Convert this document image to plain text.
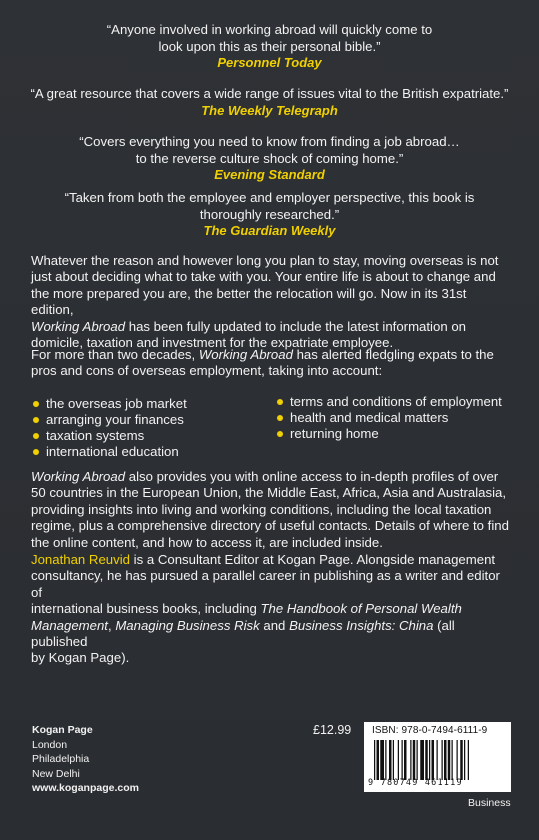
“Anyone involved in working abroad will quickly come to
look upon this as their personal bible.”
Personnel Today
“A great resource that covers a wide range of issues vital to the British expatriate.”
The Weekly Telegraph
“Covers everything you need to know from finding a job abroad…
to the reverse culture shock of coming home.”
Evening Standard
“Taken from both the employee and employer perspective, this book is
thoroughly researched.”
The Guardian Weekly
Whatever the reason and however long you plan to stay, moving overseas is not
just about deciding what to take with you. Your entire life is about to change and
the more prepared you are, the better the relocation will go. Now in its 31st edition,
Working Abroad has been fully updated to include the latest information on
domicile, taxation and investment for the expatriate employee.
For more than two decades, Working Abroad has alerted fledgling expats to the
pros and cons of overseas employment, taking into account:
the overseas job market
arranging your finances
taxation systems
international education
terms and conditions of employment
health and medical matters
returning home
Working Abroad also provides you with online access to in-depth profiles of over
50 countries in the European Union, the Middle East, Africa, Asia and Australasia,
providing insights into living and working conditions, including the local taxation
regime, plus a comprehensive directory of useful contacts. Details of where to find
the online content, and how to access it, are included inside.
Jonathan Reuvid is a Consultant Editor at Kogan Page. Alongside management
consultancy, he has pursued a parallel career in publishing as a writer and editor of
international business books, including The Handbook of Personal Wealth
Management, Managing Business Risk and Business Insights: China (all published
by Kogan Page).
Kogan Page
London
Philadelphia
New Delhi
www.koganpage.com
£12.99 ISBN: 978-0-7494-6111-9
9 780749 461119
Business
